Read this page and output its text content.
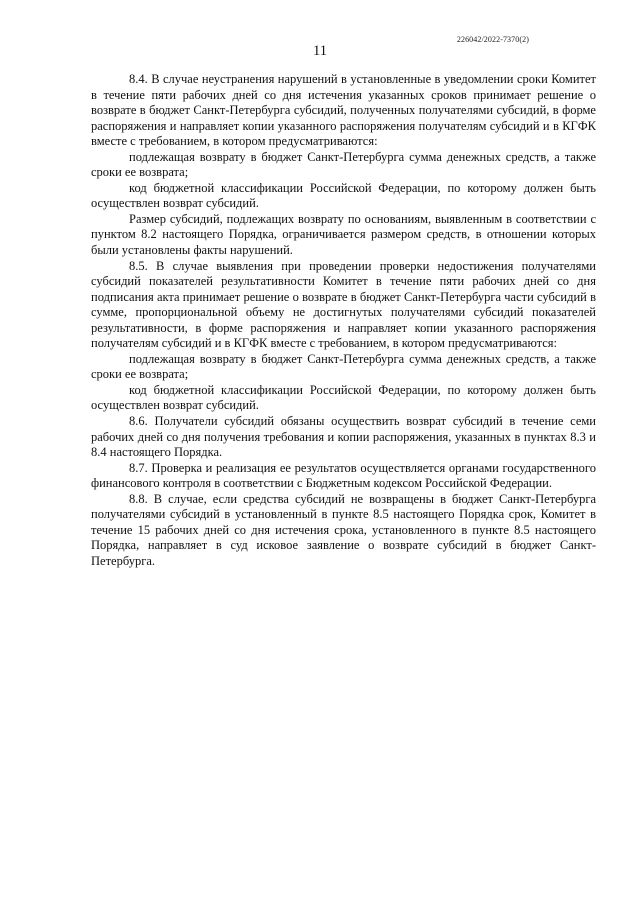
226042/2022-7370(2)
11

8.4. В случае неустранения нарушений в установленные в уведомлении сроки Комитет в течение пяти рабочих дней со дня истечения указанных сроков принимает решение о возврате в бюджет Санкт-Петербурга субсидий, полученных получателями субсидий, в форме распоряжения и направляет копии указанного распоряжения получателям субсидий и в КГФК вместе с требованием, в котором предусматриваются:

подлежащая возврату в бюджет Санкт-Петербурга сумма денежных средств, а также сроки ее возврата;

код бюджетной классификации Российской Федерации, по которому должен быть осуществлен возврат субсидий.

Размер субсидий, подлежащих возврату по основаниям, выявленным в соответствии с пунктом 8.2 настоящего Порядка, ограничивается размером средств, в отношении которых были установлены факты нарушений.

8.5. В случае выявления при проведении проверки недостижения получателями субсидий показателей результативности Комитет в течение пяти рабочих дней со дня подписания акта принимает решение о возврате в бюджет Санкт-Петербурга части субсидий в сумме, пропорциональной объему не достигнутых получателями субсидий показателей результативности, в форме распоряжения и направляет копии указанного распоряжения получателям субсидий и в КГФК вместе с требованием, в котором предусматриваются:

подлежащая возврату в бюджет Санкт-Петербурга сумма денежных средств, а также сроки ее возврата;

код бюджетной классификации Российской Федерации, по которому должен быть осуществлен возврат субсидий.

8.6. Получатели субсидий обязаны осуществить возврат субсидий в течение семи рабочих дней со дня получения требования и копии распоряжения, указанных в пунктах 8.3 и 8.4 настоящего Порядка.

8.7. Проверка и реализация ее результатов осуществляется органами государственного финансового контроля в соответствии с Бюджетным кодексом Российской Федерации.

8.8. В случае, если средства субсидий не возвращены в бюджет Санкт-Петербурга получателями субсидий в установленный в пункте 8.5 настоящего Порядка срок, Комитет в течение 15 рабочих дней со дня истечения срока, установленного в пункте 8.5 настоящего Порядка, направляет в суд исковое заявление о возврате субсидий в бюджет Санкт-Петербурга.
